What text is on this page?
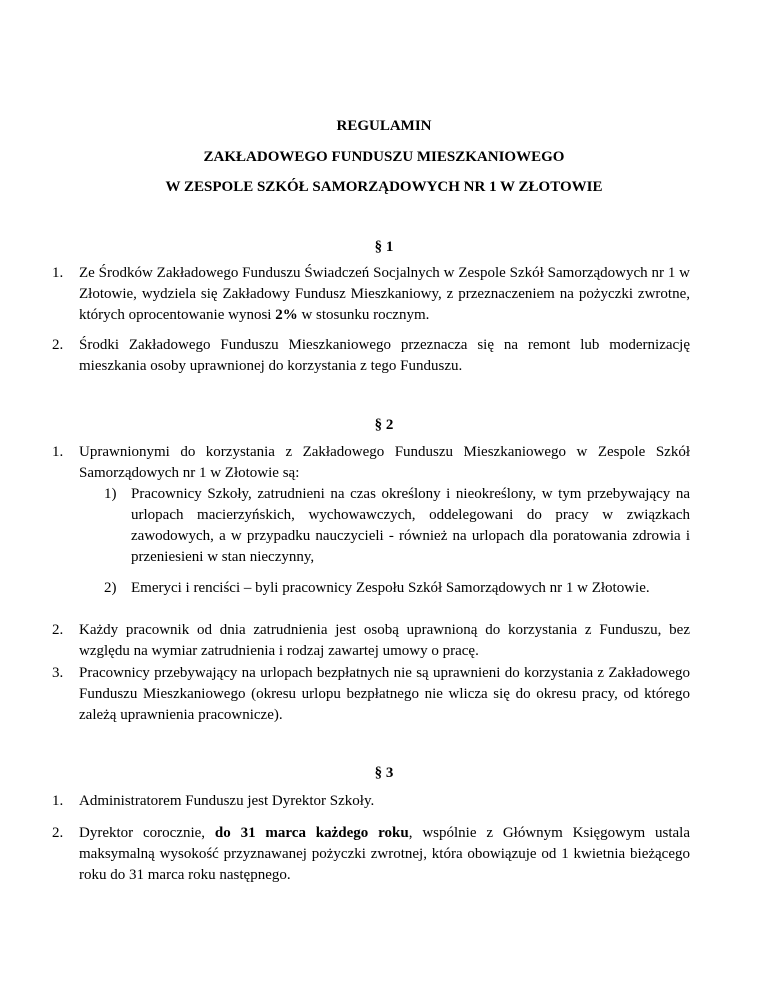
REGULAMIN
ZAKŁADOWEGO FUNDUSZU MIESZKANIOWEGO
W ZESPOLE SZKÓŁ SAMORZĄDOWYCH NR 1 W ZŁOTOWIE
§ 1
1. Ze Środków Zakładowego Funduszu Świadczeń Socjalnych w Zespole Szkół Samorządowych nr 1 w Złotowie, wydziela się Zakładowy Fundusz Mieszkaniowy, z przeznaczeniem na pożyczki zwrotne, których oprocentowanie wynosi 2% w stosunku rocznym.
2. Środki Zakładowego Funduszu Mieszkaniowego przeznacza się na remont lub modernizację mieszkania osoby uprawnionej do korzystania z tego Funduszu.
§ 2
1. Uprawnionymi do korzystania z Zakładowego Funduszu Mieszkaniowego w Zespole Szkół Samorządowych nr 1 w Złotowie są:
1) Pracownicy Szkoły, zatrudnieni na czas określony i nieokreślony, w tym przebywający na urlopach macierzyńskich, wychowawczych, oddelegowani do pracy w związkach zawodowych, a w przypadku nauczycieli - również na urlopach dla poratowania zdrowia i przeniesieni w stan nieczynny,
2) Emeryci i renciści – byli pracownicy Zespołu Szkół Samorządowych nr 1 w Złotowie.
2. Każdy pracownik od dnia zatrudnienia jest osobą uprawnioną do korzystania z Funduszu, bez względu na wymiar zatrudnienia i rodzaj zawartej umowy o pracę.
3. Pracownicy przebywający na urlopach bezpłatnych nie są uprawnieni do korzystania z Zakładowego Funduszu Mieszkaniowego (okresu urlopu bezpłatnego nie wlicza się do okresu pracy, od którego zależą uprawnienia pracownicze).
§ 3
1. Administratorem Funduszu jest Dyrektor Szkoły.
2. Dyrektor corocznie, do 31 marca każdego roku, wspólnie z Głównym Księgowym ustala maksymalną wysokość przyznawanej pożyczki zwrotnej, która obowiązuje od 1 kwietnia bieżącego roku do 31 marca roku następnego.
